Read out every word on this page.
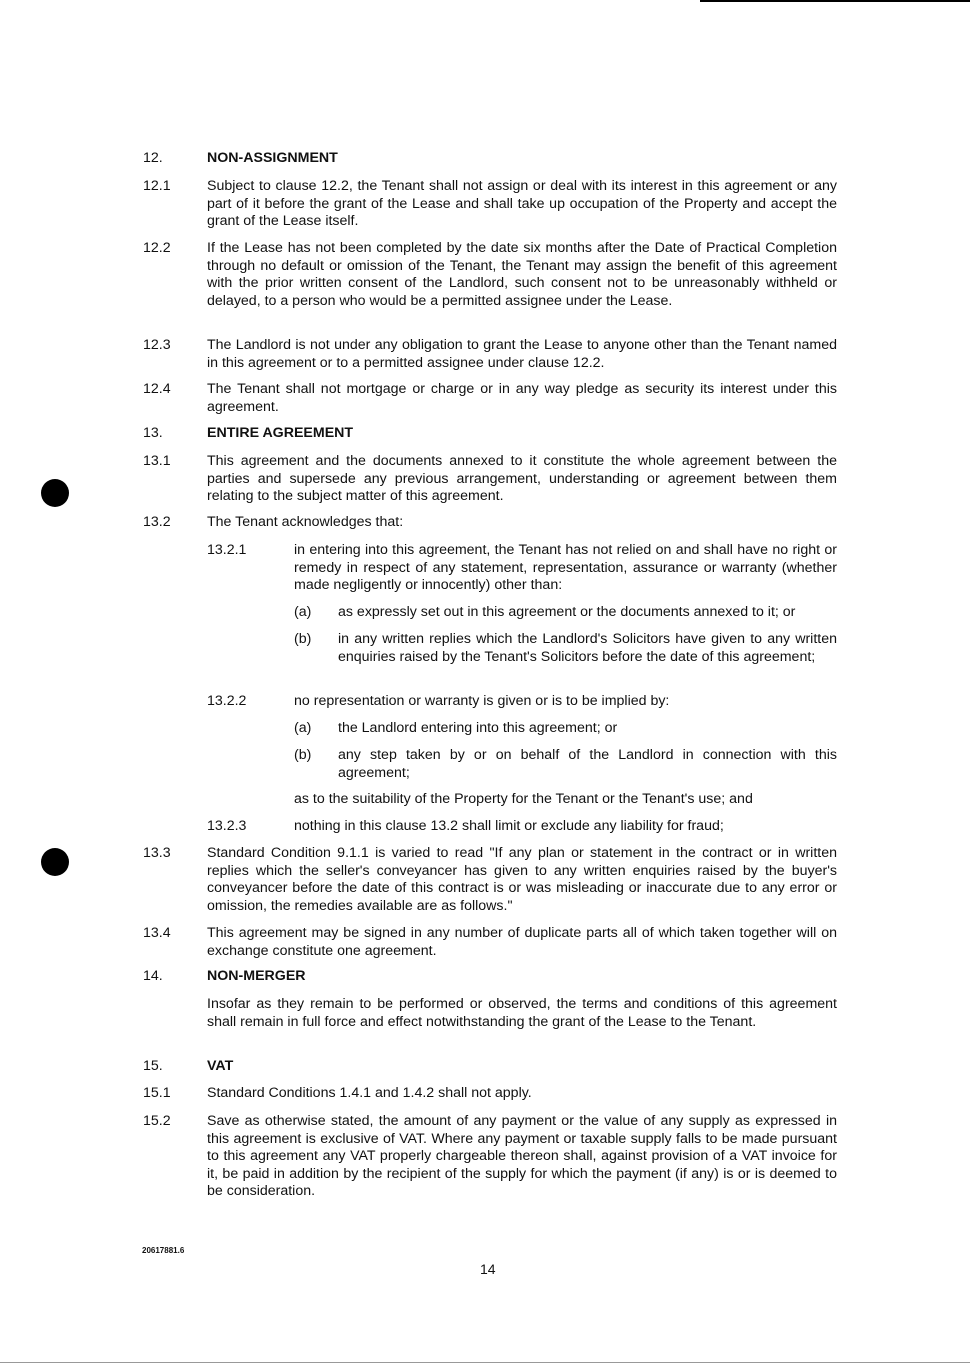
12.	NON-ASSIGNMENT
12.1	Subject to clause 12.2, the Tenant shall not assign or deal with its interest in this agreement or any part of it before the grant of the Lease and shall take up occupation of the Property and accept the grant of the Lease itself.
12.2	If the Lease has not been completed by the date six months after the Date of Practical Completion through no default or omission of the Tenant, the Tenant may assign the benefit of this agreement with the prior written consent of the Landlord, such consent not to be unreasonably withheld or delayed, to a person who would be a permitted assignee under the Lease.
12.3	The Landlord is not under any obligation to grant the Lease to anyone other than the Tenant named in this agreement or to a permitted assignee under clause 12.2.
12.4	The Tenant shall not mortgage or charge or in any way pledge as security its interest under this agreement.
13.	ENTIRE AGREEMENT
13.1	This agreement and the documents annexed to it constitute the whole agreement between the parties and supersede any previous arrangement, understanding or agreement between them relating to the subject matter of this agreement.
13.2	The Tenant acknowledges that:
13.2.1	in entering into this agreement, the Tenant has not relied on and shall have no right or remedy in respect of any statement, representation, assurance or warranty (whether made negligently or innocently) other than:
(a) as expressly set out in this agreement or the documents annexed to it; or
(b) in any written replies which the Landlord's Solicitors have given to any written enquiries raised by the Tenant's Solicitors before the date of this agreement;
13.2.2	no representation or warranty is given or is to be implied by:
(a) the Landlord entering into this agreement; or
(b) any step taken by or on behalf of the Landlord in connection with this agreement;
as to the suitability of the Property for the Tenant or the Tenant's use; and
13.2.3	nothing in this clause 13.2 shall limit or exclude any liability for fraud;
13.3	Standard Condition 9.1.1 is varied to read "If any plan or statement in the contract or in written replies which the seller's conveyancer has given to any written enquiries raised by the buyer's conveyancer before the date of this contract is or was misleading or inaccurate due to any error or omission, the remedies available are as follows."
13.4	This agreement may be signed in any number of duplicate parts all of which taken together will on exchange constitute one agreement.
14.	NON-MERGER
Insofar as they remain to be performed or observed, the terms and conditions of this agreement shall remain in full force and effect notwithstanding the grant of the Lease to the Tenant.
15.	VAT
15.1	Standard Conditions 1.4.1 and 1.4.2 shall not apply.
15.2	Save as otherwise stated, the amount of any payment or the value of any supply as expressed in this agreement is exclusive of VAT. Where any payment or taxable supply falls to be made pursuant to this agreement any VAT properly chargeable thereon shall, against provision of a VAT invoice for it, be paid in addition by the recipient of the supply for which the payment (if any) is or is deemed to be consideration.
20617881.6
14
